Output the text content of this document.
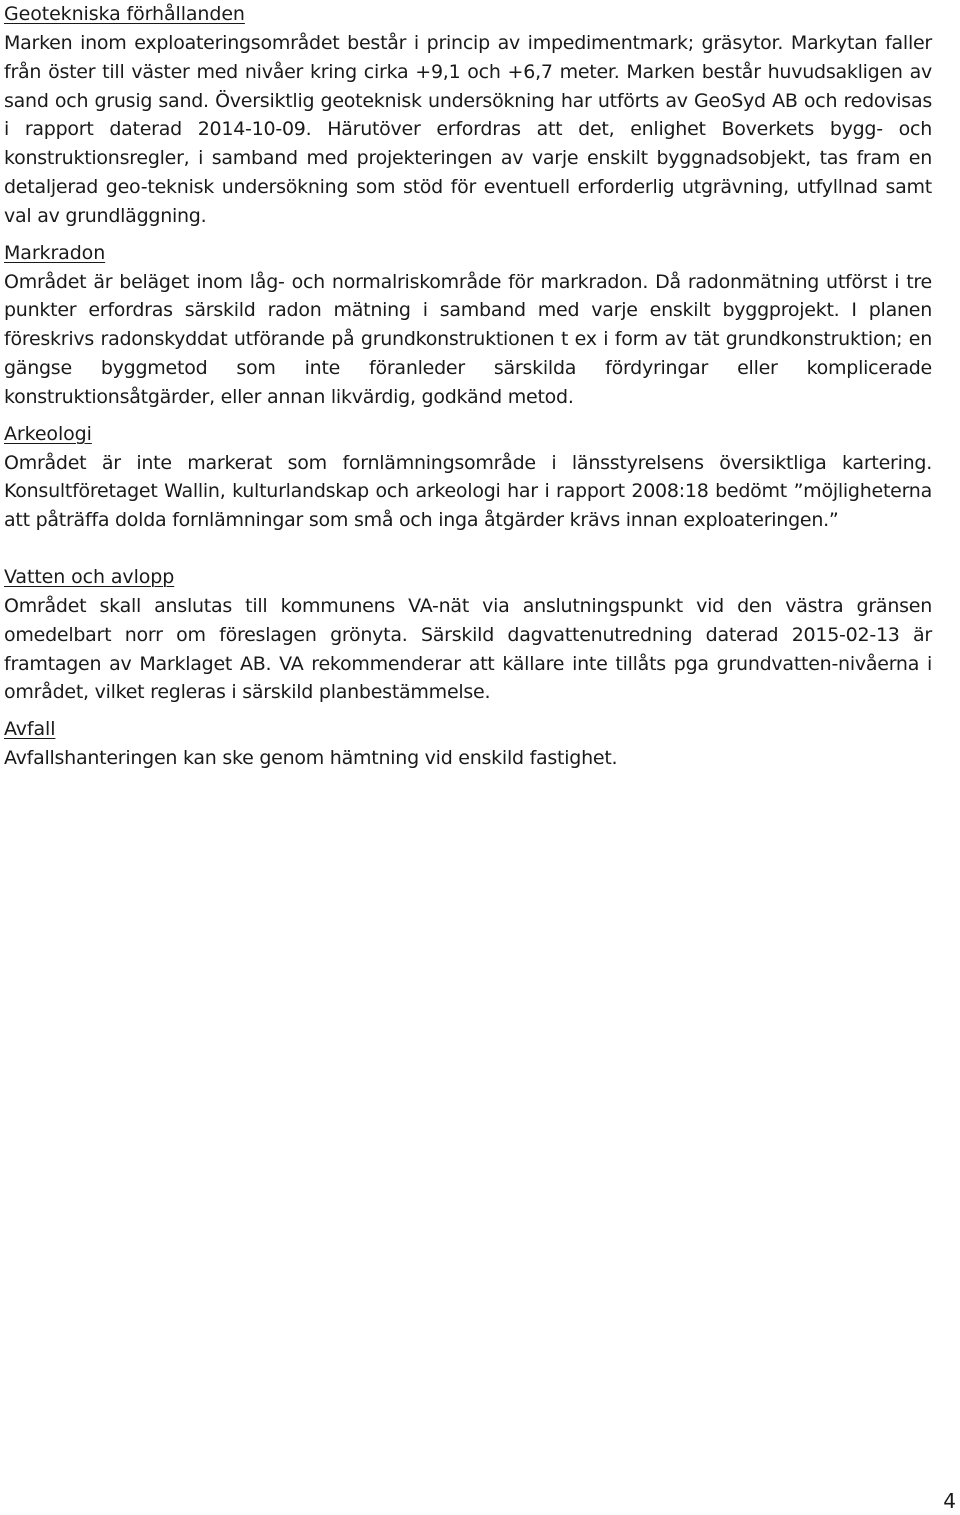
Geotekniska förhållanden

Marken inom exploateringsområdet består i princip av impedimentmark; gräsytor. Markytan faller från öster till väster med nivåer kring cirka +9,1 och +6,7 meter. Marken består huvudsakligen av sand och grusig sand. Översiktlig geoteknisk undersökning har utförts av GeoSyd AB och redovisas i rapport daterad 2014-10-09. Härutöver erfordras att det, enlighet Boverkets bygg- och konstruktionsregler, i samband med projekteringen av varje enskilt byggnadsobjekt, tas fram en detaljerad geo-teknisk undersökning som stöd för eventuell erforderlig utgrävning, utfyllnad samt val av grundläggning.

Markradon

Området är beläget inom låg- och normalriskområde för markradon. Då radonmätning utförst i tre punkter erfordras särskild radon mätning i samband med varje enskilt byggprojekt. I planen föreskrivs radonskyddat utförande på grundkonstruktionen t ex i form av tät grundkonstruktion; en gängse byggmetod som inte föranleder särskilda fördyringar eller komplicerade konstruktionsåtgärder, eller annan likvärdig, godkänd metod.

Arkeologi

Området är inte markerat som fornlämningsområde i länsstyrelsens översiktliga kartering. Konsultföretaget Wallin, kulturlandskap och arkeologi har i rapport 2008:18 bedömt ”möjligheterna att påträffa dolda fornlämningar som små och inga åtgärder krävs innan exploateringen.”

Vatten och avlopp

Området skall anslutas till kommunens VA-nät via anslutningspunkt vid den västra gränsen omedelbart norr om föreslagen grönyta. Särskild dagvattenutredning daterad 2015-02-13 är framtagen av Marklaget AB. VA rekommenderar att källare inte tillåts pga grundvatten-nivåerna i området, vilket regleras i särskild planbestämmelse.

Avfall

Avfallshanteringen kan ske genom hämtning vid enskild fastighet.

4
